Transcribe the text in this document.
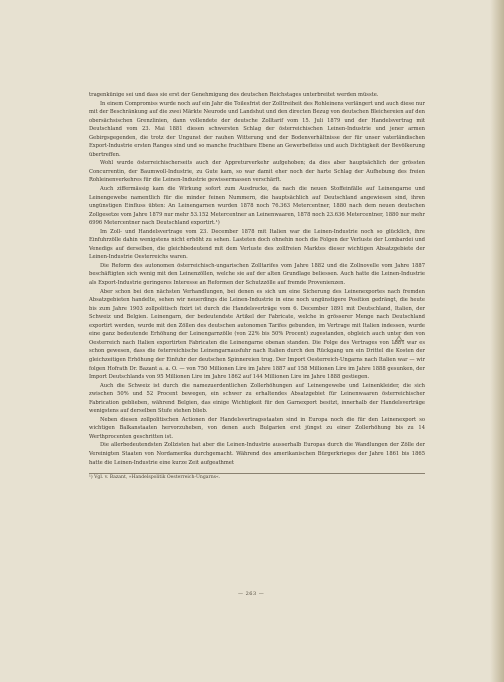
tragenkünige sei und dass sie erst der Genehmigung des deutschen Reichstages unterbreitet werden müsste.

In einem Compromiss wurde noch auf ein Jahr die Toilesfrist der Zolltreiheit des Rohleinens verlängert und auch diese nur mit der Beschränkung auf die zwei Märkte Neurode und Landshut und den directen Bezug von deutschen Bleichereien auf den obersächsischen Grenzlinien, dann vollendete der deutsche Zolltarif vom 15. Juli 1879 und der Handelsvertrag mit Deutschland vom 23. Mai 1881 diesen schwersten Schlag der österreichischen Leinen-Industrie und jener armen Gebirgsgegenden, die trotz der Ungunst der rauhen Witterung und der Bodenverhältnisse der für unser vaterländischen Export-Industrie ersten Ranges sind und so manche fruchtbare Ebene an Gewerbefleiss und auch Dichtigkeit der Bevölkerung übertreffen.

Wohl wurde österreichischerseits auch der Appreturverkehr aufgehoben; da dies aber hauptsächlich der grössten Concurrentin, der Baumwoll-Industrie, zu Gute kam, so war damit eher noch der harte Schlag der Aufhebung des freien Rohleinenverkehres für die Leinen-Industrie gewissermassen verschärft.

Auch ziffermässig kam die Wirkung sofort zum Ausdrucke, da nach die neuen Stoffeinfälle auf Leinengarne und Leinengewebe namentlich für die minder feinen Nummern, die hauptsächlich auf Deutschland angewiesen sind, ihren ungünstigen Einfluss übten: An Leinengarnen wurden 1878 noch 76.363 Metercentner, 1880 nach dem neuen deutschen Zollgesetze vom Jahre 1879 nur mehr 53.152 Metercentner an Leinenwaaren, 1878 noch 23.636 Metercentner, 1880 nur mehr 6996 Metercentner nach Deutschland exportirt.¹)

Im Zoll- und Handelsvertrage vom 23. December 1878 mit Italien war die Leinen-Industrie noch so glücklich, ihre Einfuhrzölle dahin wenigstens nicht erhöht zu sehen. Lasteten doch ohnehin noch die Folgen der Verluste der Lombardei und Venedigs auf derselben, die gleichbedeutend mit dem Verluste des zollfreien Marktes dieser wichtigen Absatzgebiete der Leinen-Industrie Oesterreichs waren.

Die Reform des autonomen österreichisch-ungarischen Zolltarifes vom Jahre 1882 und die Zollnovelle vom Jahre 1887 beschäftigten sich wenig mit den Leinenzöllen, welche sie auf der alten Grundlage beliessen. Auch hatte die Leinen-Industrie als Export-Industrie geringeres Interesse an Reformen der Schutzzölle auf fremde Provenienzen.

Aber schon bei den nächsten Verhandlungen, bei denen es sich um eine Sicherung des Leinenexportes nach fremden Absatzgebieten handelte, sehen wir neuerdings die Leinen-Industrie in eine noch ungünstigere Position gedrängt, die heute bis zum Jahre 1903 zollpolitisch fixirt ist durch die Handelsverträge vom 6. December 1891 mit Deutschland, Italien, der Schweiz und Belgien. Leinengarn, der bedeutendste Artikel der Fabricate, welche in grösserer Menge nach Deutschland exportirt werden, wurde mit den Zöllen des deutschen autonomen Tarifes gebunden, im Vertrage mit Italien indessen, wurde eine ganz bedeutende Erhöhung der Leinengarnzölle (von 22% bis 50% Procent) zugestanden, obgleich auch unter den von Oesterreich nach Italien exportirten Fabricaten die Leinengarne obenan standen. Die Folge des Vertrages von 1887 war es schon gewesen, dass die österreichische Leinengarnausfuhr nach Italien durch den Rückgang um ein Drittel die Kosten der gleichzeitigen Erhöhung der Einfuhr der deutschen Spinnereien trug. Der Import Oesterreich-Ungarns nach Italien war — wir folgen Hofrath Dr. Bazant a. a. O. — von 750 Millionen Lire im Jahre 1887 auf 158 Millionen Lire im Jahre 1888 gesunken, der Import Deutschlands von 95 Millionen Lire im Jahre 1862 auf 144 Millionen Lire im Jahre 1888 gestiegen.

Auch die Schweiz ist durch die namezuerdentlichen Zollerhöhungen auf Leinengewebe und Leinenkleider, die sich zwischen 50% und 52 Procent bewegen, ein schwer zu erhaltendes Absatzgebiet für Leinenwaaren österreichischer Fabrication geblieben, während Belgien, das einige Wichtigkeit für den Garnexport besitzt, innerhalb der Handelsverträge wenigstens auf derselben Stufe stehen blieb.

Neben diesen zollpolitischen Actionen der Handelsvertragsstaaten sind in Europa noch die für den Leinenexport so wichtigen Balkanstaaten hervorzuheben, von denen auch Bulgarien erst jüngst zu einer Zollerhöhung bis zu 14 Werthprocenten geschritten ist.

Die allerbedeutendsten Zollzisten hat aber die Leinen-Industrie ausserhalb Europas durch die Wandlungen der Zölle der Vereinigten Staaten von Nordamerika durchgemacht. Während des amerikanischen Bürgerkrieges der Jahre 1861 bis 1865 hatte die Leinen-Industrie eine kurze Zeit aufgeathmet

¹) Vgl. v. Bazant, »Handelspolitik Oesterreich-Ungarns«.
— 263 —
